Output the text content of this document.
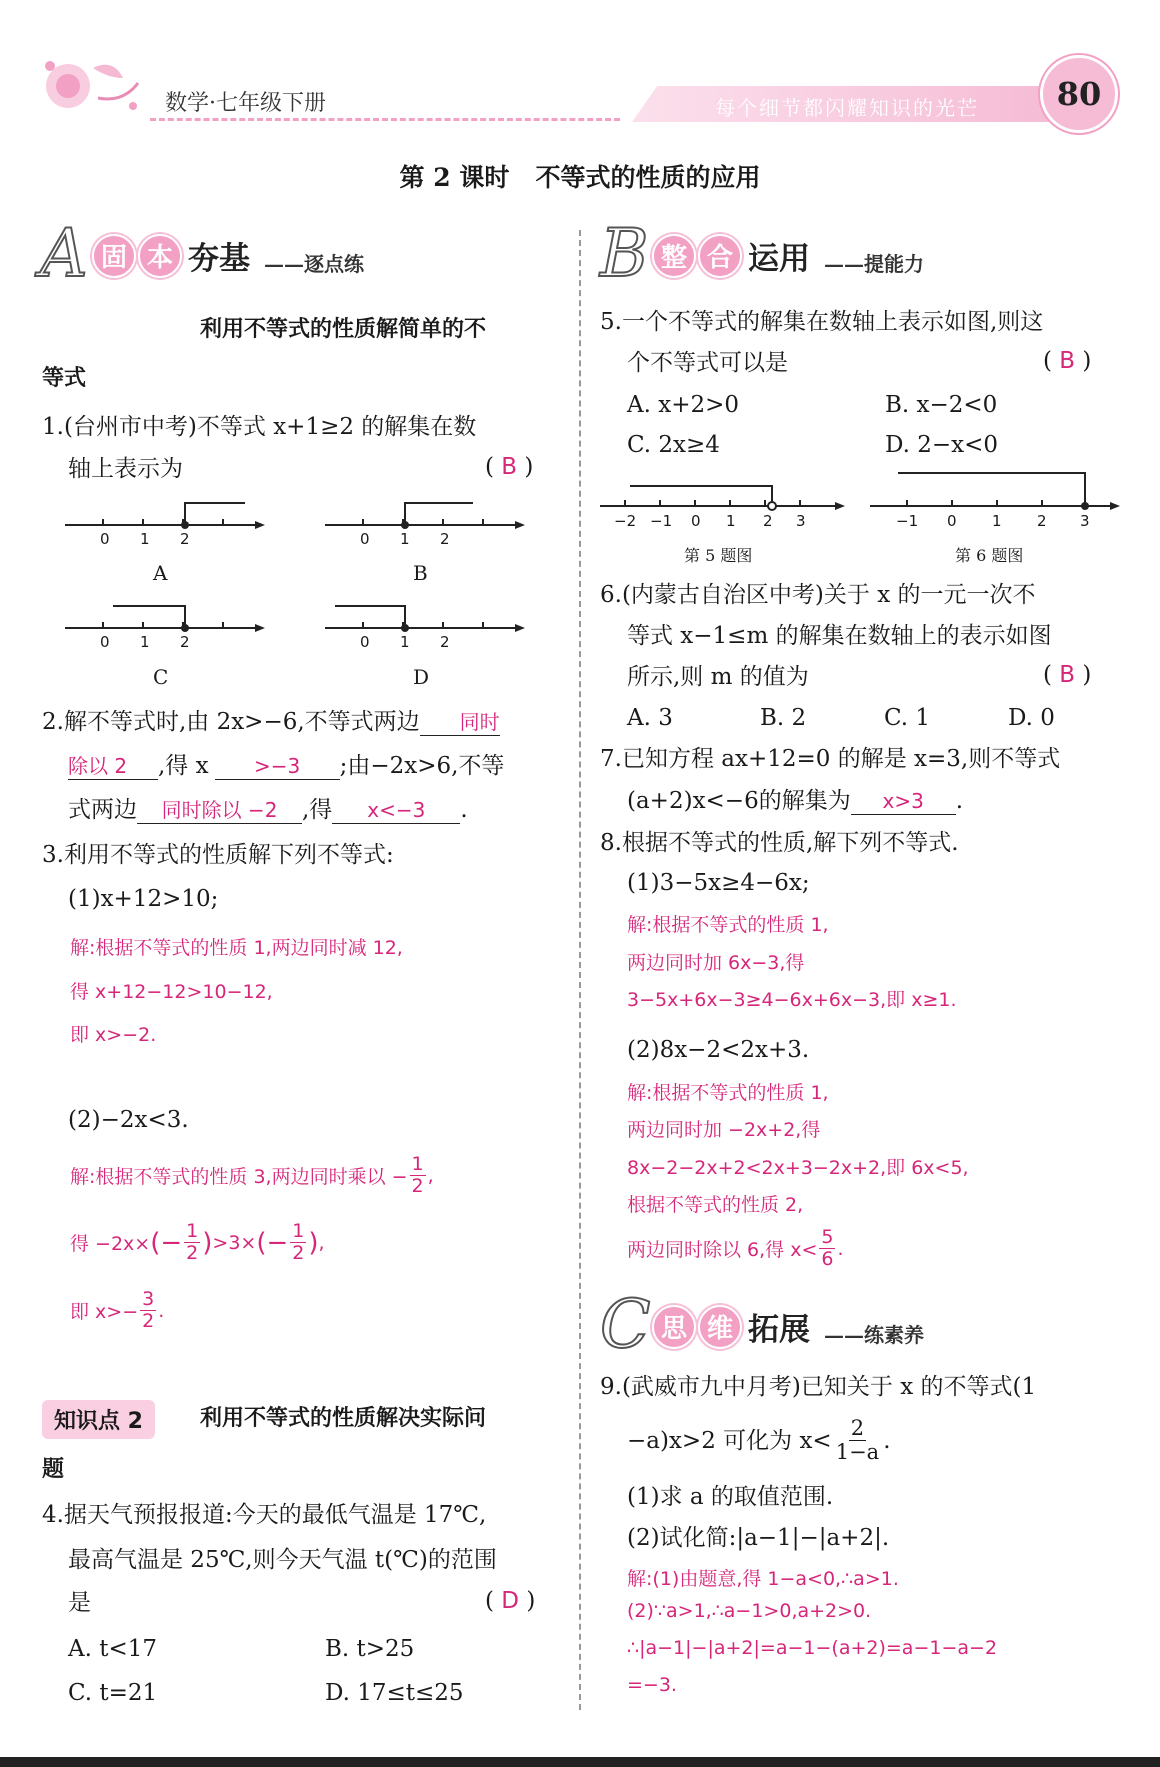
数学·七年级下册	每个细节都闪耀知识的光芒 80
第 2 课时   不等式的性质的应用
A 固 本 夯基 ——逐点练
利用不等式的性质解简单的不
等式
1.(台州市中考)不等式 x+1≥2 的解集在数
轴上表示为	( B )
0 1 2
A
0 1 2
B
0 1 2
C
0 1 2
D
2.解不等式时,由 2x>−6,不等式两边 同时
除以 2 ,得 x >−3 ;由−2x>6,不等
式两边 同时除以 −2 ,得 x<−3 .
3.利用不等式的性质解下列不等式:
(1)x+12>10;
解:根据不等式的性质 1,两边同时减 12,
得 x+12−12>10−12,
即 x>−2.
(2)−2x<3.
解:根据不等式的性质 3,两边同时乘以 − $\frac{1}{2}$ ,
得 −2x× (− $\frac{1}{2}$ ) >3× (− $\frac{1}{2}$ ) ,
即 $x>- \frac{3}{2}$ .
知识点 2	利用不等式的性质解决实际问
题
4.据天气预报报道:今天的最低气温是 17℃,
最高气温是 25℃,则今天气温 t(℃)的范围
是	( D )
A. t<17	B. t>25
C. t=21	D. 17≤t≤25
B 整 合 运用 ——提能力
5.一个不等式的解集在数轴上表示如图,则这
个不等式可以是	( B )
A. x+2>0	B. x−2<0
C. 2x≥4	D. 2−x<0
−2 −1 0 1 2 3
第 5 题图
−1 0 1 2 3
第 6 题图
6.(内蒙古自治区中考)关于 x 的一元一次不
等式 x−1≤m 的解集在数轴上的表示如图
所示,则 m 的值为	( B )
A. 3	B. 2	C. 1	D. 0
7.已知方程 ax+12=0 的解是 x=3,则不等式
(a+2)x<−6的解集为 x>3 .
8.根据不等式的性质,解下列不等式.
(1)3−5x≥4−6x;
解:根据不等式的性质 1,
两边同时加 6x−3,得
3−5x+6x−3≥4−6x+6x−3,即 x≥1.
(2)8x−2<2x+3.
解:根据不等式的性质 1,
两边同时加 −2x+2,得
8x−2−2x+2<2x+3−2x+2,即 6x<5,
根据不等式的性质 2,
两边同时除以 6,得 $x< \frac{5}{6}$ .
C 思 维 拓展 ——练素养
9.(武威市九中月考)已知关于 x 的不等式(1
−a)x>2 可化为 $x< \frac{2}{1-a}$ .
(1)求 a 的取值范围.
(2)试化简:|a−1|−|a+2|.
解:(1)由题意,得 1−a<0,∴a>1.
(2)∵a>1,∴a−1>0,a+2>0.
∴|a−1|−|a+2|=a−1−(a+2)=a−1−a−2
=−3.
